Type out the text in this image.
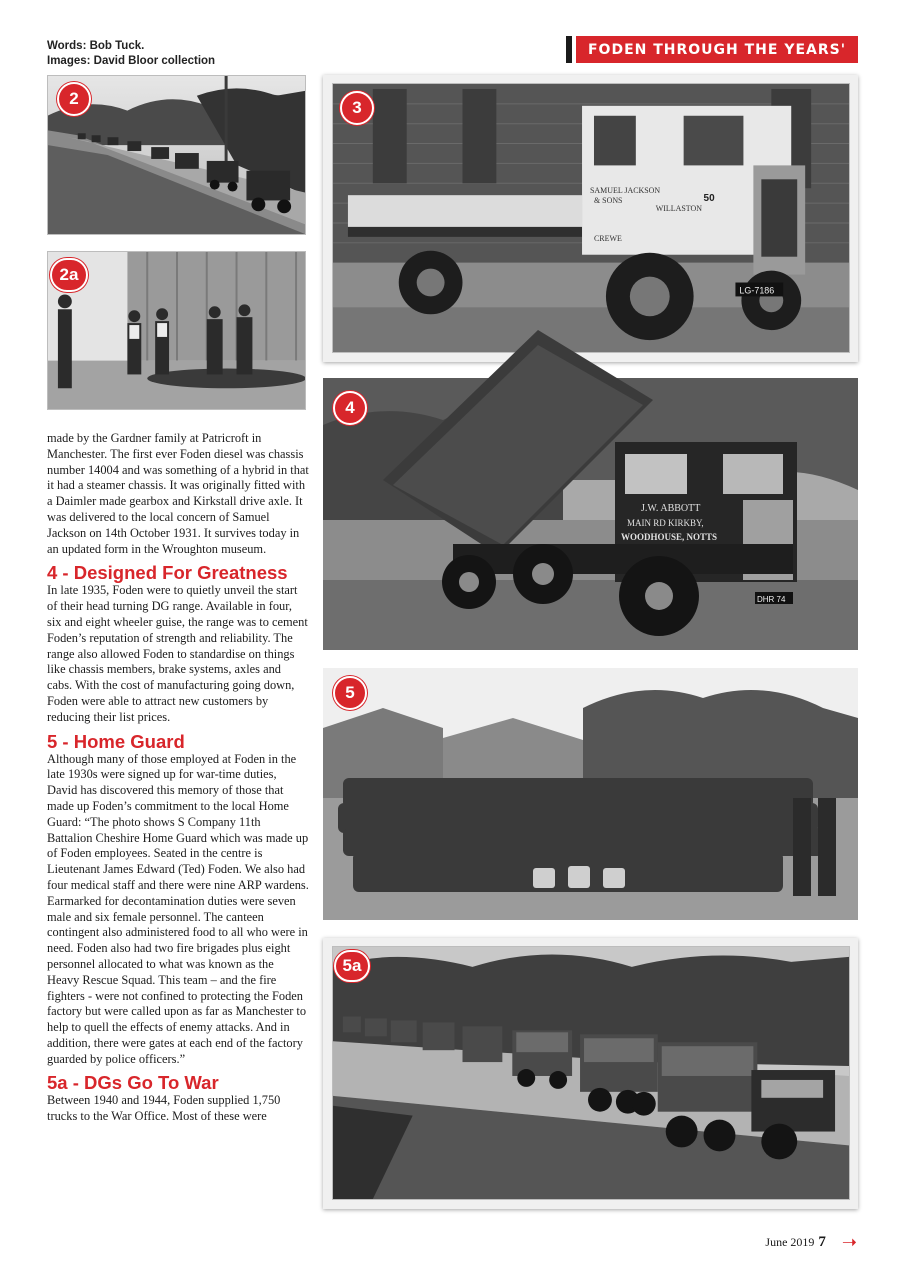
Words: Bob Tuck.
Images: David Bloor collection
FODEN THROUGH THE YEARS'
2
2a
SAMUEL JACKSON
& SONS
WILLASTON
CREWE
50
LG-7186
3
J.W. ABBOTT
MAIN RD KIRKBY,
WOODHOUSE, NOTTS
DHR 74
4
5
5a

made by the Gardner family at Patricroft in Manchester. The first ever Foden diesel was chassis number 14004 and was something of a hybrid in that it had a steamer chassis. It was originally fitted with a Daimler made gearbox and Kirkstall drive axle. It was delivered to the local concern of Samuel Jackson on 14th October 1931. It survives today in an updated form in the Wroughton museum.

4 - Designed For Greatness

In late 1935, Foden were to quietly unveil the start of their head turning DG range. Available in four, six and eight wheeler guise, the range was to cement Foden’s reputation of strength and reliability. The range also allowed Foden to standardise on things like chassis members, brake systems, axles and cabs. With the cost of manufacturing going down, Foden were able to attract new customers by reducing their list prices.

5 - Home Guard

Although many of those employed at Foden in the late 1930s were signed up for war-time duties, David has discovered this memory of those that made up Foden’s commitment to the local Home Guard: “The photo shows S Company 11th Battalion Cheshire Home Guard which was made up of Foden employees. Seated in the centre is Lieutenant James Edward (Ted) Foden. We also had four medical staff and there were nine ARP wardens. Earmarked for decontamination duties were seven male and six female personnel. The canteen contingent also administered food to all who were in need. Foden also had two fire brigades plus eight personnel allocated to what was known as the Heavy Rescue Squad. This team – and the fire fighters - were not confined to protecting the Foden factory but were called upon as far as Manchester to help to quell the effects of enemy attacks. And in addition, there were gates at each end of the factory guarded by police officers.”

5a - DGs Go To War

Between 1940 and 1944, Foden supplied 1,750 trucks to the War Office. Most of these were

June 2019 7 ➝
